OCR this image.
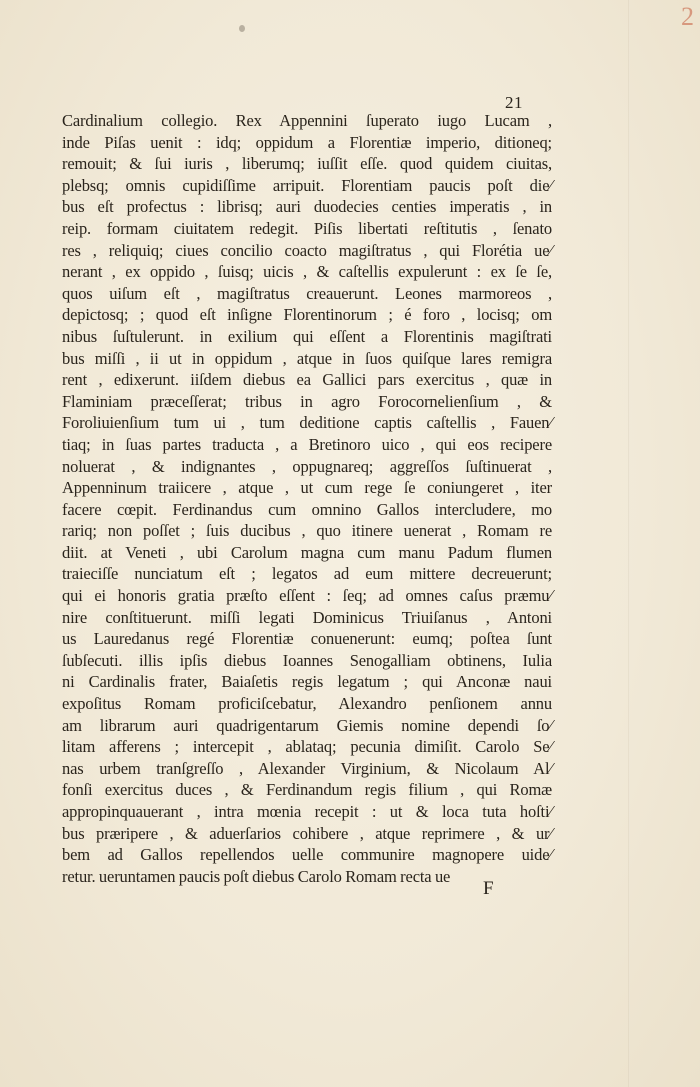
2
21
Cardinalium collegio. Rex Appennini ſuperato iugo Lucam ,
inde Piſas uenit : idq; oppidum a Florentiæ imperio, ditioneq;
remouit; & ſui iuris , liberumq; iuſſit eſſe. quod quidem ciuitas,
plebsq; omnis cupidiſſime arripuit. Florentiam paucis poſt die⁄
bus eſt profectus : librisq; auri duodecies centies imperatis , in
reip. formam ciuitatem redegit. Piſis libertati reſtitutis , ſenato
res , reliquiq; ciues concilio coacto magiſtratus , qui Florétia ue⁄
nerant , ex oppido , ſuisq; uicis , & caſtellis expulerunt : ex ſe ſe,
quos uiſum eſt , magiſtratus creauerunt. Leones marmoreos ,
depictosq; ; quod eſt inſigne Florentinorum ; é foro , locisq; om
nibus ſuſtulerunt. in exilium qui eſſent a Florentinis magiſtrati
bus miſſi , ii ut in oppidum , atque in ſuos quiſque lares remigra
rent , edixerunt. iiſdem diebus ea Gallici pars exercitus , quæ in
Flaminiam præceſſerat; tribus in agro Forocornelienſium , &
Foroliuienſium tum ui , tum deditione captis caſtellis , Fauen⁄
tiaq; in ſuas partes traducta , a Bretinoro uico , qui eos recipere
noluerat , & indignantes , oppugnareq; aggreſſos ſuſtinuerat ,
Appenninum traiicere , atque , ut cum rege ſe coniungeret , iter
facere cœpit. Ferdinandus cum omnino Gallos intercludere, mo
rariq; non poſſet ; ſuis ducibus , quo itinere uenerat , Romam re
diit. at Veneti , ubi Carolum magna cum manu Padum flumen
traieciſſe nunciatum eſt ; legatos ad eum mittere decreuerunt;
qui ei honoris gratia præſto eſſent : ſeq; ad omnes caſus præmu⁄
nire conſtituerunt. miſſi legati Dominicus Triuiſanus , Antoni
us Lauredanus regé Florentiæ conuenerunt: eumq; poſtea ſunt
ſubſecuti. illis ipſis diebus Ioannes Senogalliam obtinens, Iulia
ni Cardinalis frater, Baiaſetis regis legatum ; qui Anconæ naui
expoſitus Romam proficiſcebatur, Alexandro penſionem annu
am librarum auri quadrigentarum Giemis nomine dependi ſo⁄
litam afferens ; intercepit , ablataq; pecunia dimiſit. Carolo Se⁄
nas urbem tranſgreſſo , Alexander Virginium, & Nicolaum Al⁄
fonſi exercitus duces , & Ferdinandum regis filium , qui Romæ
appropinquauerant , intra mœnia recepit : ut & loca tuta hoſti⁄
bus præripere , & aduerſarios cohibere , atque reprimere , & ur⁄
bem ad Gallos repellendos uelle communire magnopere uide⁄
retur. ueruntamen paucis poſt diebus Carolo Romam recta ue
F
